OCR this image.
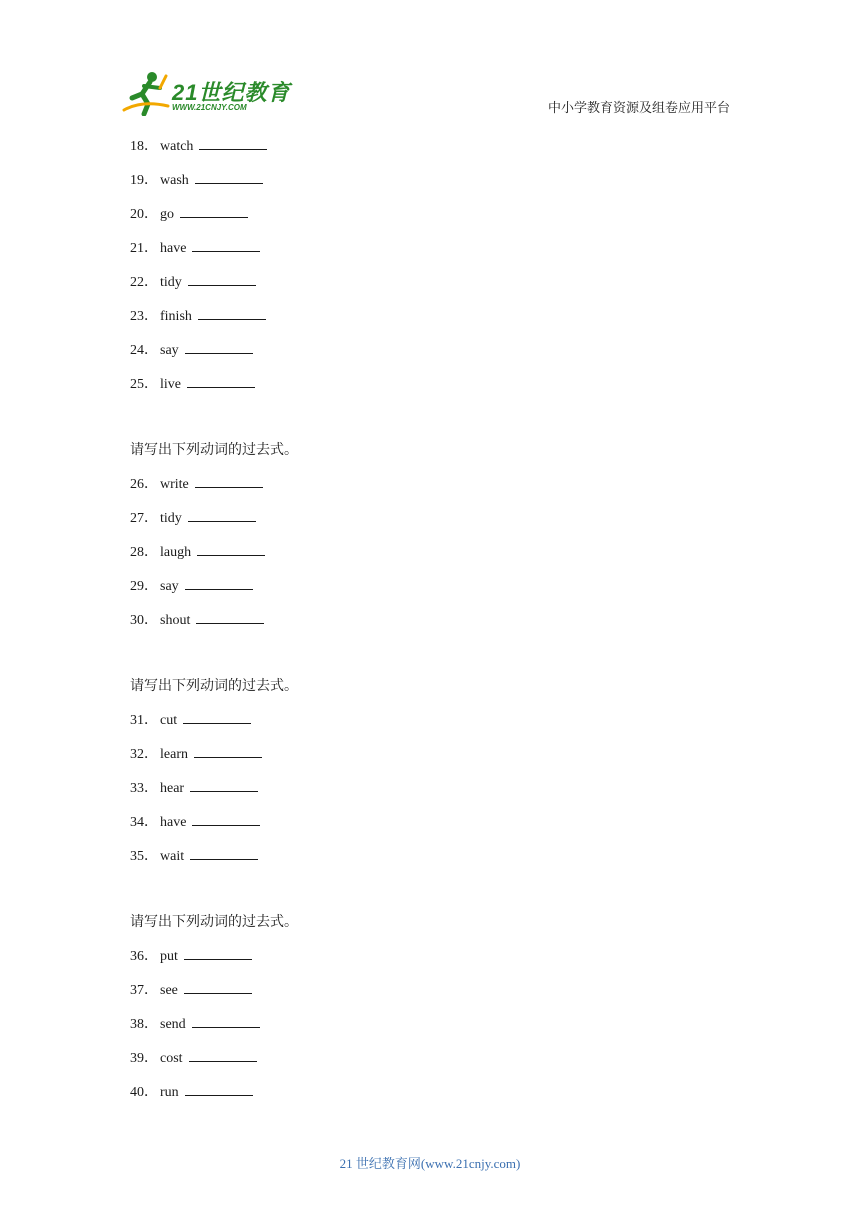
21世纪教育
WWW.21CNJY.COM	中小学教育资源及组卷应用平台
18． watch
19． wash
20． go
21． have
22． tidy
23． finish
24． say
25． live
请写出下列动词的过去式。
26． write
27． tidy
28． laugh
29． say
30． shout
请写出下列动词的过去式。
31． cut
32． learn
33． hear
34． have
35． wait
请写出下列动词的过去式。
36． put
37． see
38． send
39． cost
40． run
21 世纪教育网(www.21cnjy.com)
